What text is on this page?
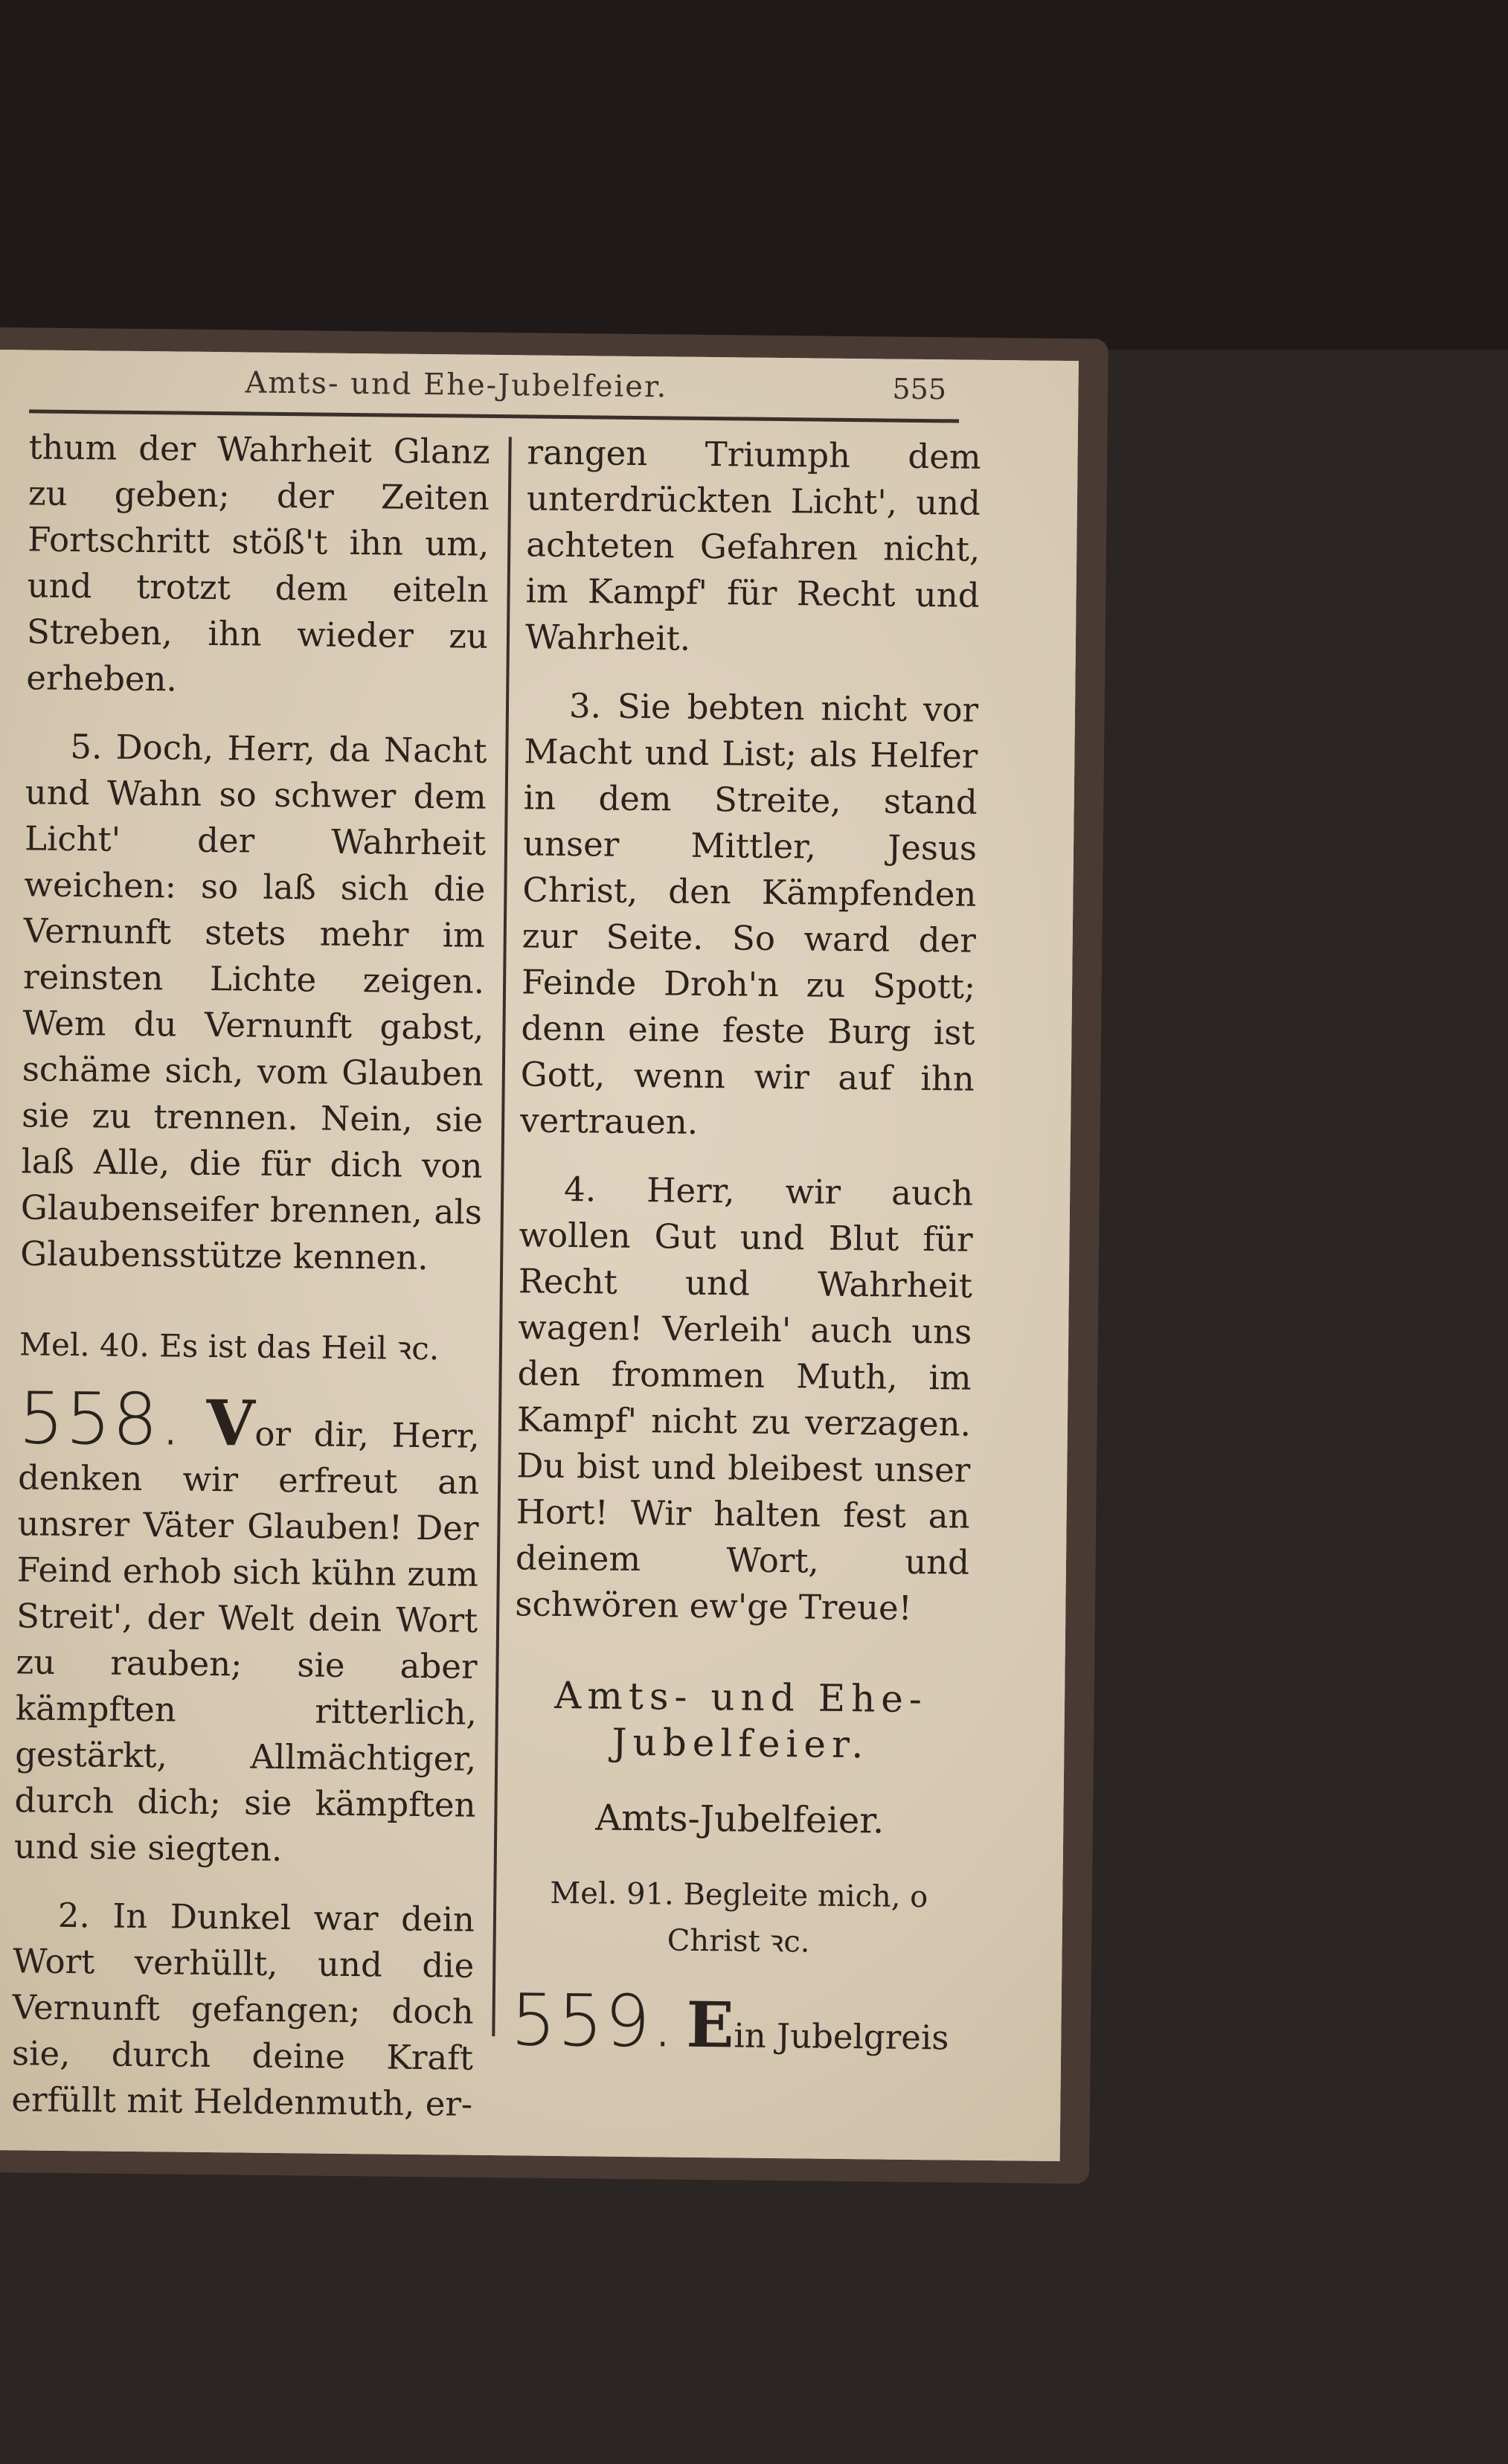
Amts- und Ehe-Jubelfeier.	555

thum der Wahrheit Glanz zu geben; der Zeiten Fortschritt stöß't ihn um, und trotzt dem eiteln Streben, ihn wieder zu erheben.

5. Doch, Herr, da Nacht und Wahn so schwer dem Licht' der Wahrheit weichen: so laß sich die Vernunft stets mehr im reinsten Lichte zeigen. Wem du Vernunft gabst, schäme sich, vom Glauben sie zu trennen. Nein, sie laß Alle, die für dich von Glaubenseifer brennen, als Glaubensstütze kennen.

Mel. 40. Es ist das Heil ꝛc.

558. Vor dir, Herr, denken wir erfreut an unsrer Väter Glauben! Der Feind erhob sich kühn zum Streit', der Welt dein Wort zu rauben; sie aber kämpften ritterlich, gestärkt, Allmächtiger, durch dich; sie kämpften und sie siegten.

2. In Dunkel war dein Wort verhüllt, und die Vernunft gefangen; doch sie, durch deine Kraft erfüllt mit Heldenmuth, er-

rangen Triumph dem unterdrückten Licht', und achteten Gefahren nicht, im Kampf' für Recht und Wahrheit.

3. Sie bebten nicht vor Macht und List; als Helfer in dem Streite, stand unser Mittler, Jesus Christ, den Kämpfenden zur Seite. So ward der Feinde Droh'n zu Spott; denn eine feste Burg ist Gott, wenn wir auf ihn vertrauen.

4. Herr, wir auch wollen Gut und Blut für Recht und Wahrheit wagen! Verleih' auch uns den frommen Muth, im Kampf' nicht zu verzagen. Du bist und bleibest unser Hort! Wir halten fest an deinem Wort, und schwören ew'ge Treue!

Amts- und Ehe-Jubelfeier.
Amts-Jubelfeier.

Mel. 91. Begleite mich, o Christ ꝛc.

559. Ein Jubelgreis
